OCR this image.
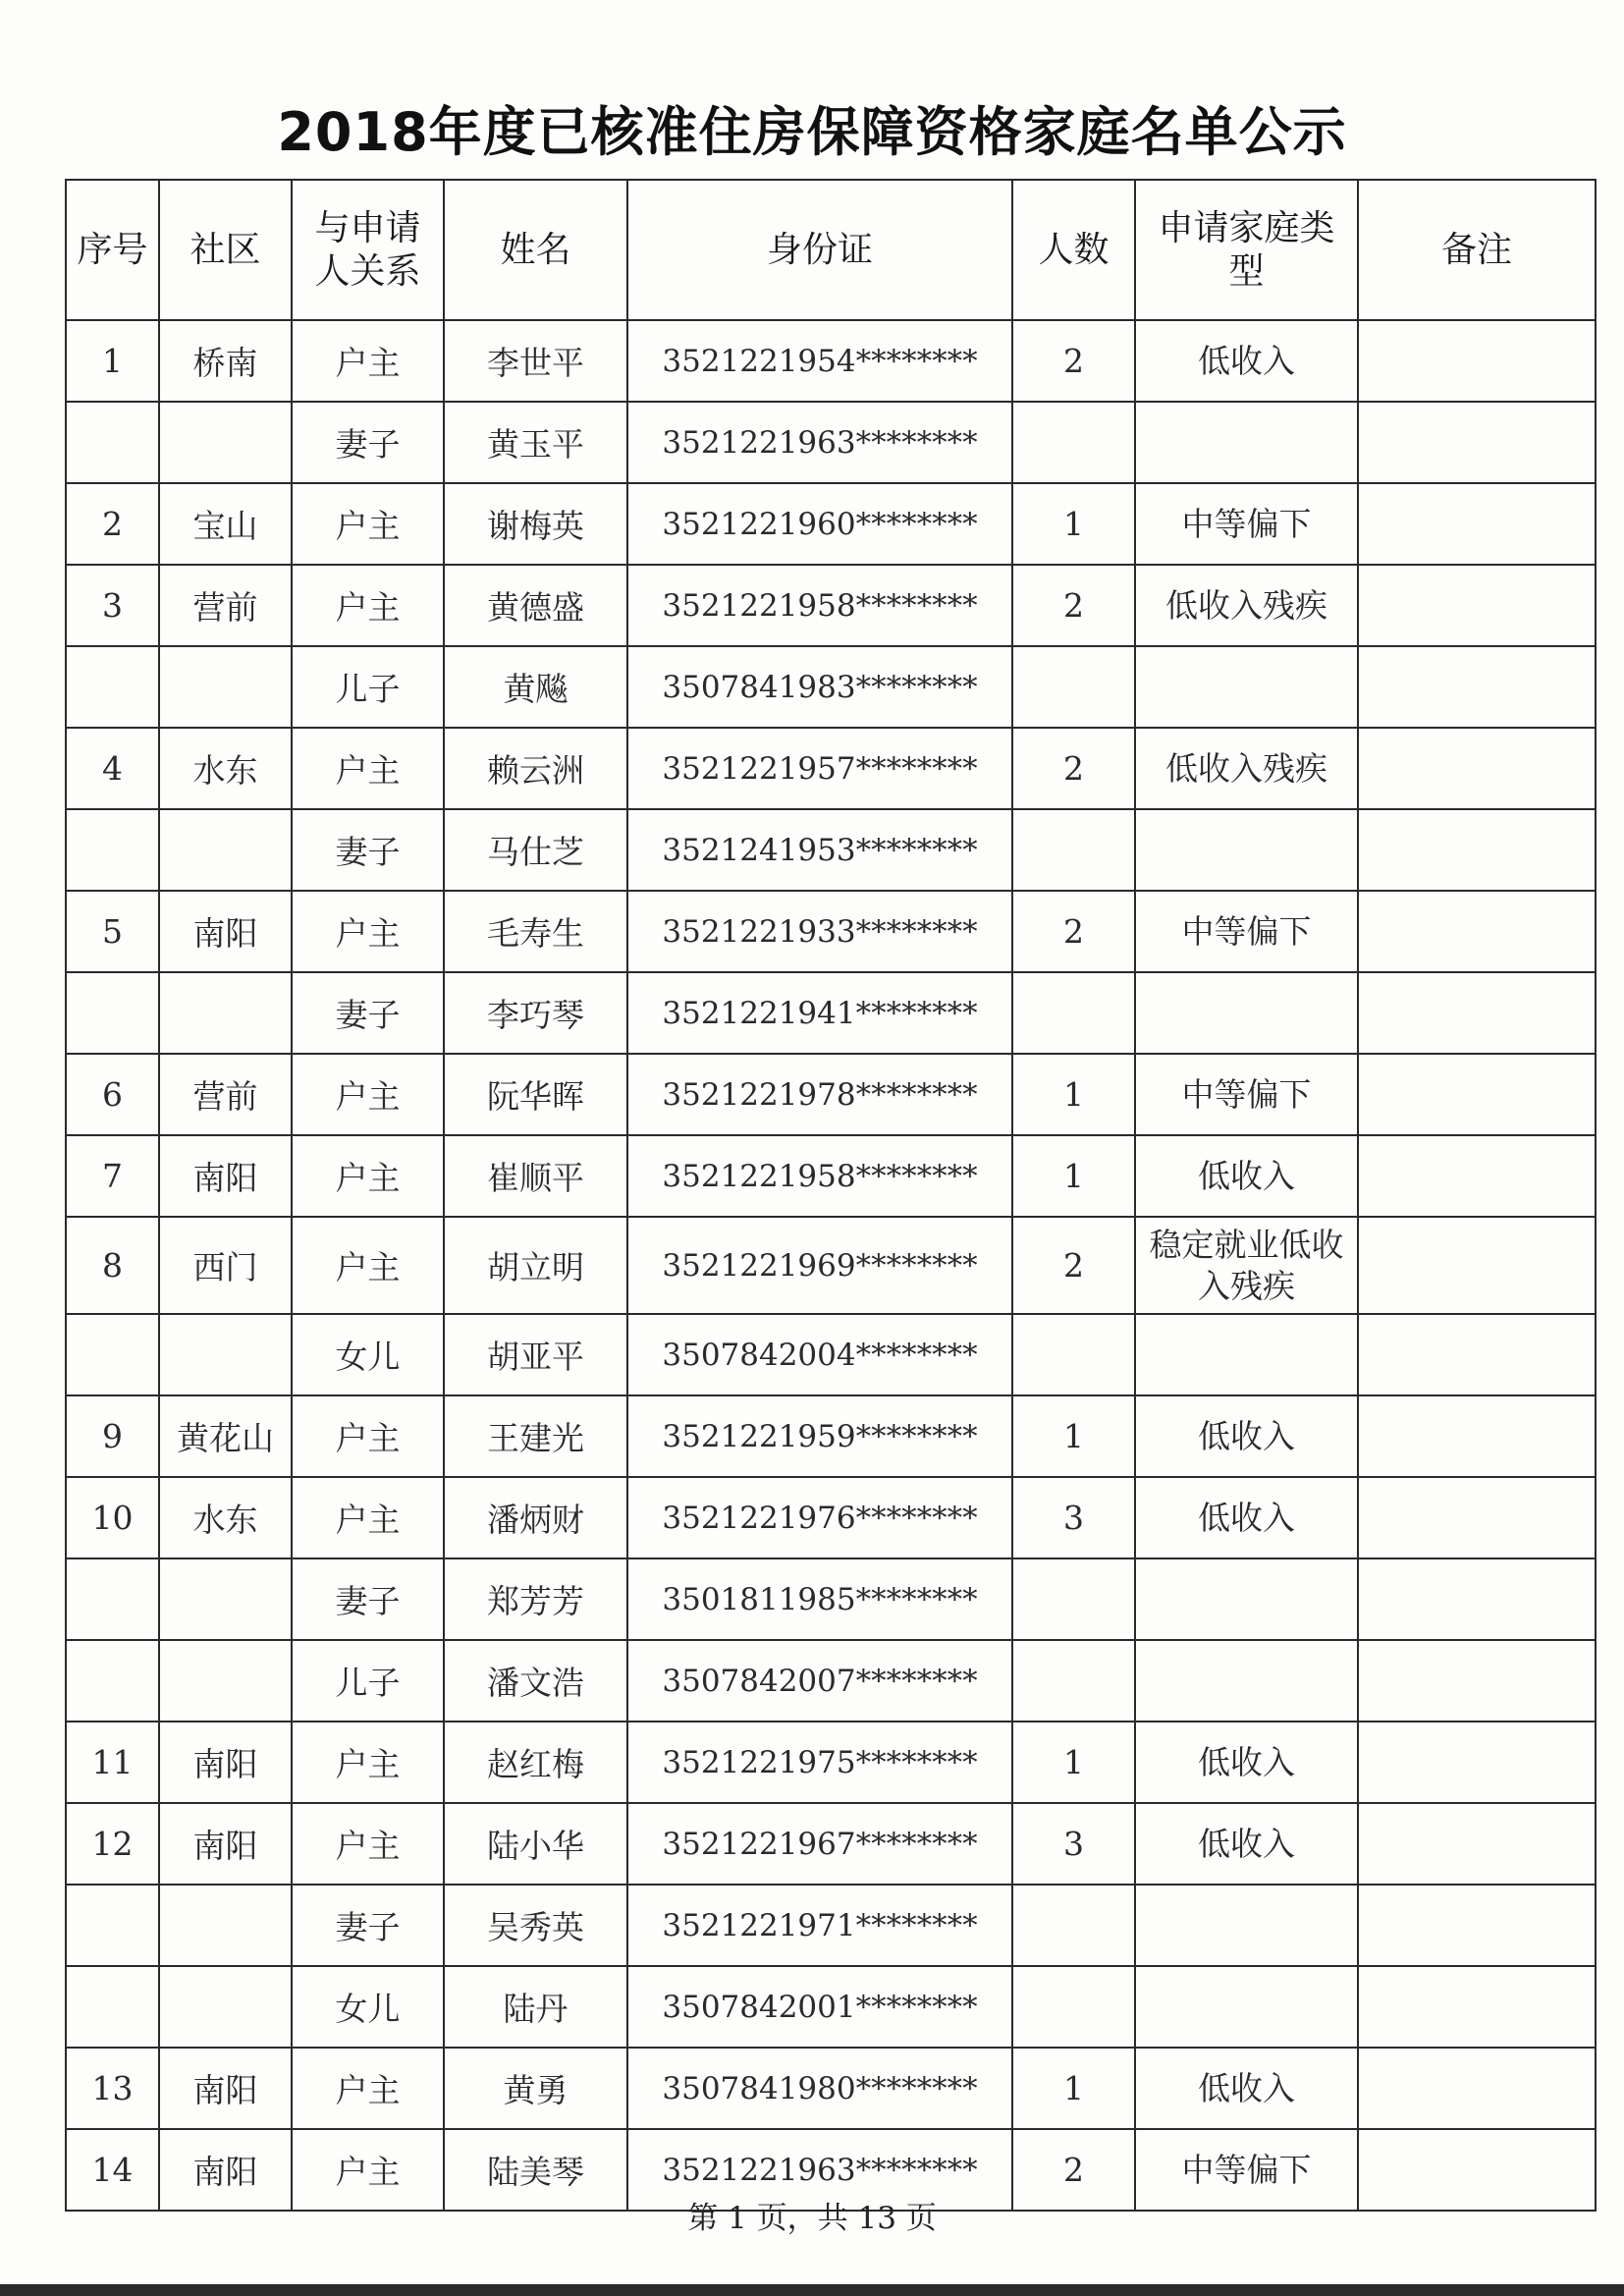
2018年度已核准住房保障资格家庭名单公示
序号	社区	与申请人关系	姓名	身份证	人数	申请家庭类型	备注
1	桥南	户主	李世平	3521221954********	2	低收入	
		妻子	黄玉平	3521221963********			
2	宝山	户主	谢梅英	3521221960********	1	中等偏下	
3	营前	户主	黄德盛	3521221958********	2	低收入残疾	
		儿子	黄飚	3507841983********			
4	水东	户主	赖云洲	3521221957********	2	低收入残疾	
		妻子	马仕芝	3521241953********			
5	南阳	户主	毛寿生	3521221933********	2	中等偏下	
		妻子	李巧琴	3521221941********			
6	营前	户主	阮华晖	3521221978********	1	中等偏下	
7	南阳	户主	崔顺平	3521221958********	1	低收入	
8	西门	户主	胡立明	3521221969********	2	稳定就业低收入残疾	
		女儿	胡亚平	3507842004********			
9	黄花山	户主	王建光	3521221959********	1	低收入	
10	水东	户主	潘炳财	3521221976********	3	低收入	
		妻子	郑芳芳	3501811985********			
		儿子	潘文浩	3507842007********			
11	南阳	户主	赵红梅	3521221975********	1	低收入	
12	南阳	户主	陆小华	3521221967********	3	低收入	
		妻子	吴秀英	3521221971********			
		女儿	陆丹	3507842001********			
13	南阳	户主	黄勇	3507841980********	1	低收入	
14	南阳	户主	陆美琴	3521221963********	2	中等偏下	
第 1 页，共 13 页
